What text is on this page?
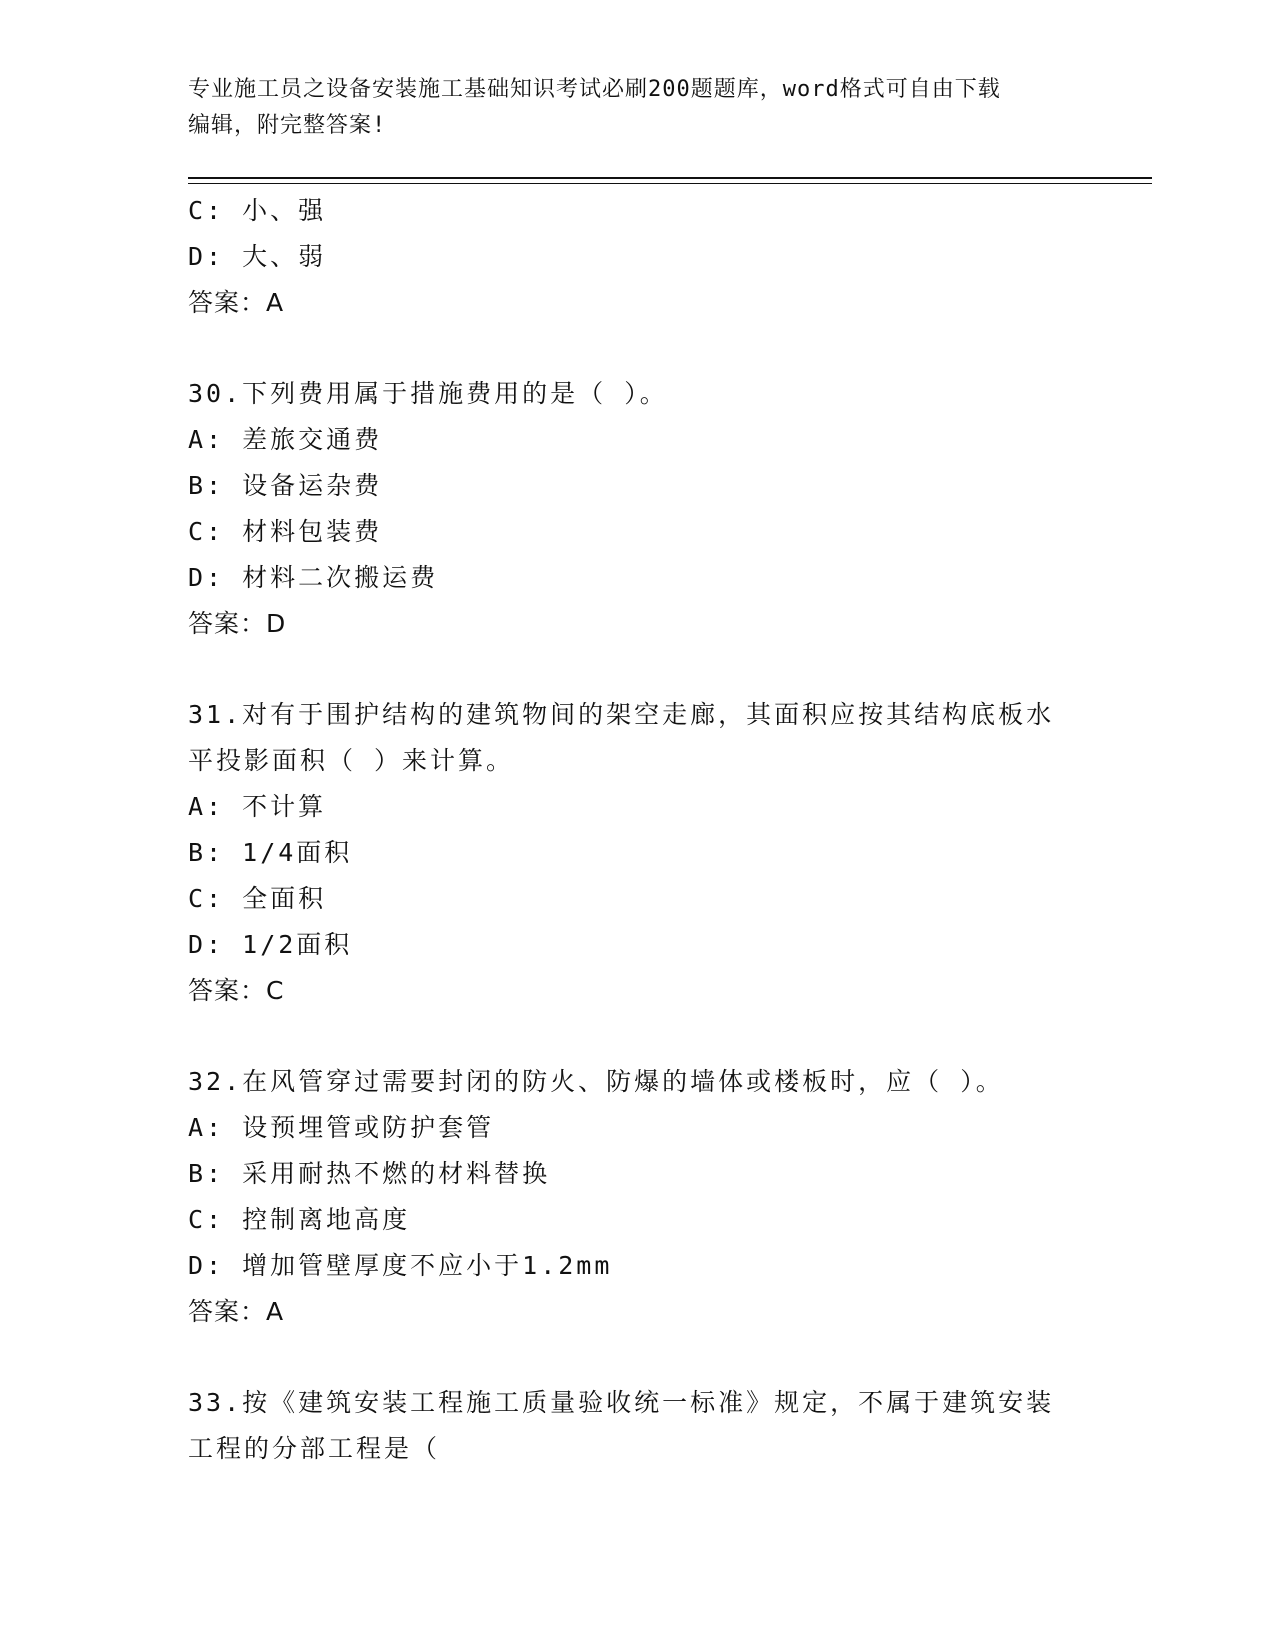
专业施工员之设备安装施工基础知识考试必刷200题题库，word格式可自由下载
编辑，附完整答案!
C: 小、强
D: 大、弱
答案：A
30.下列费用属于措施费用的是（ ）。
A: 差旅交通费
B: 设备运杂费
C: 材料包装费
D: 材料二次搬运费
答案：D
31.对有于围护结构的建筑物间的架空走廊，其面积应按其结构底板水
平投影面积（ ）来计算。
A: 不计算
B: 1/4面积
C: 全面积
D: 1/2面积
答案：C
32.在风管穿过需要封闭的防火、防爆的墙体或楼板时，应（ ）。
A: 设预埋管或防护套管
B: 采用耐热不燃的材料替换
C: 控制离地高度
D: 增加管壁厚度不应小于1.2mm
答案：A
33.按《建筑安装工程施工质量验收统一标准》规定，不属于建筑安装
工程的分部工程是（
